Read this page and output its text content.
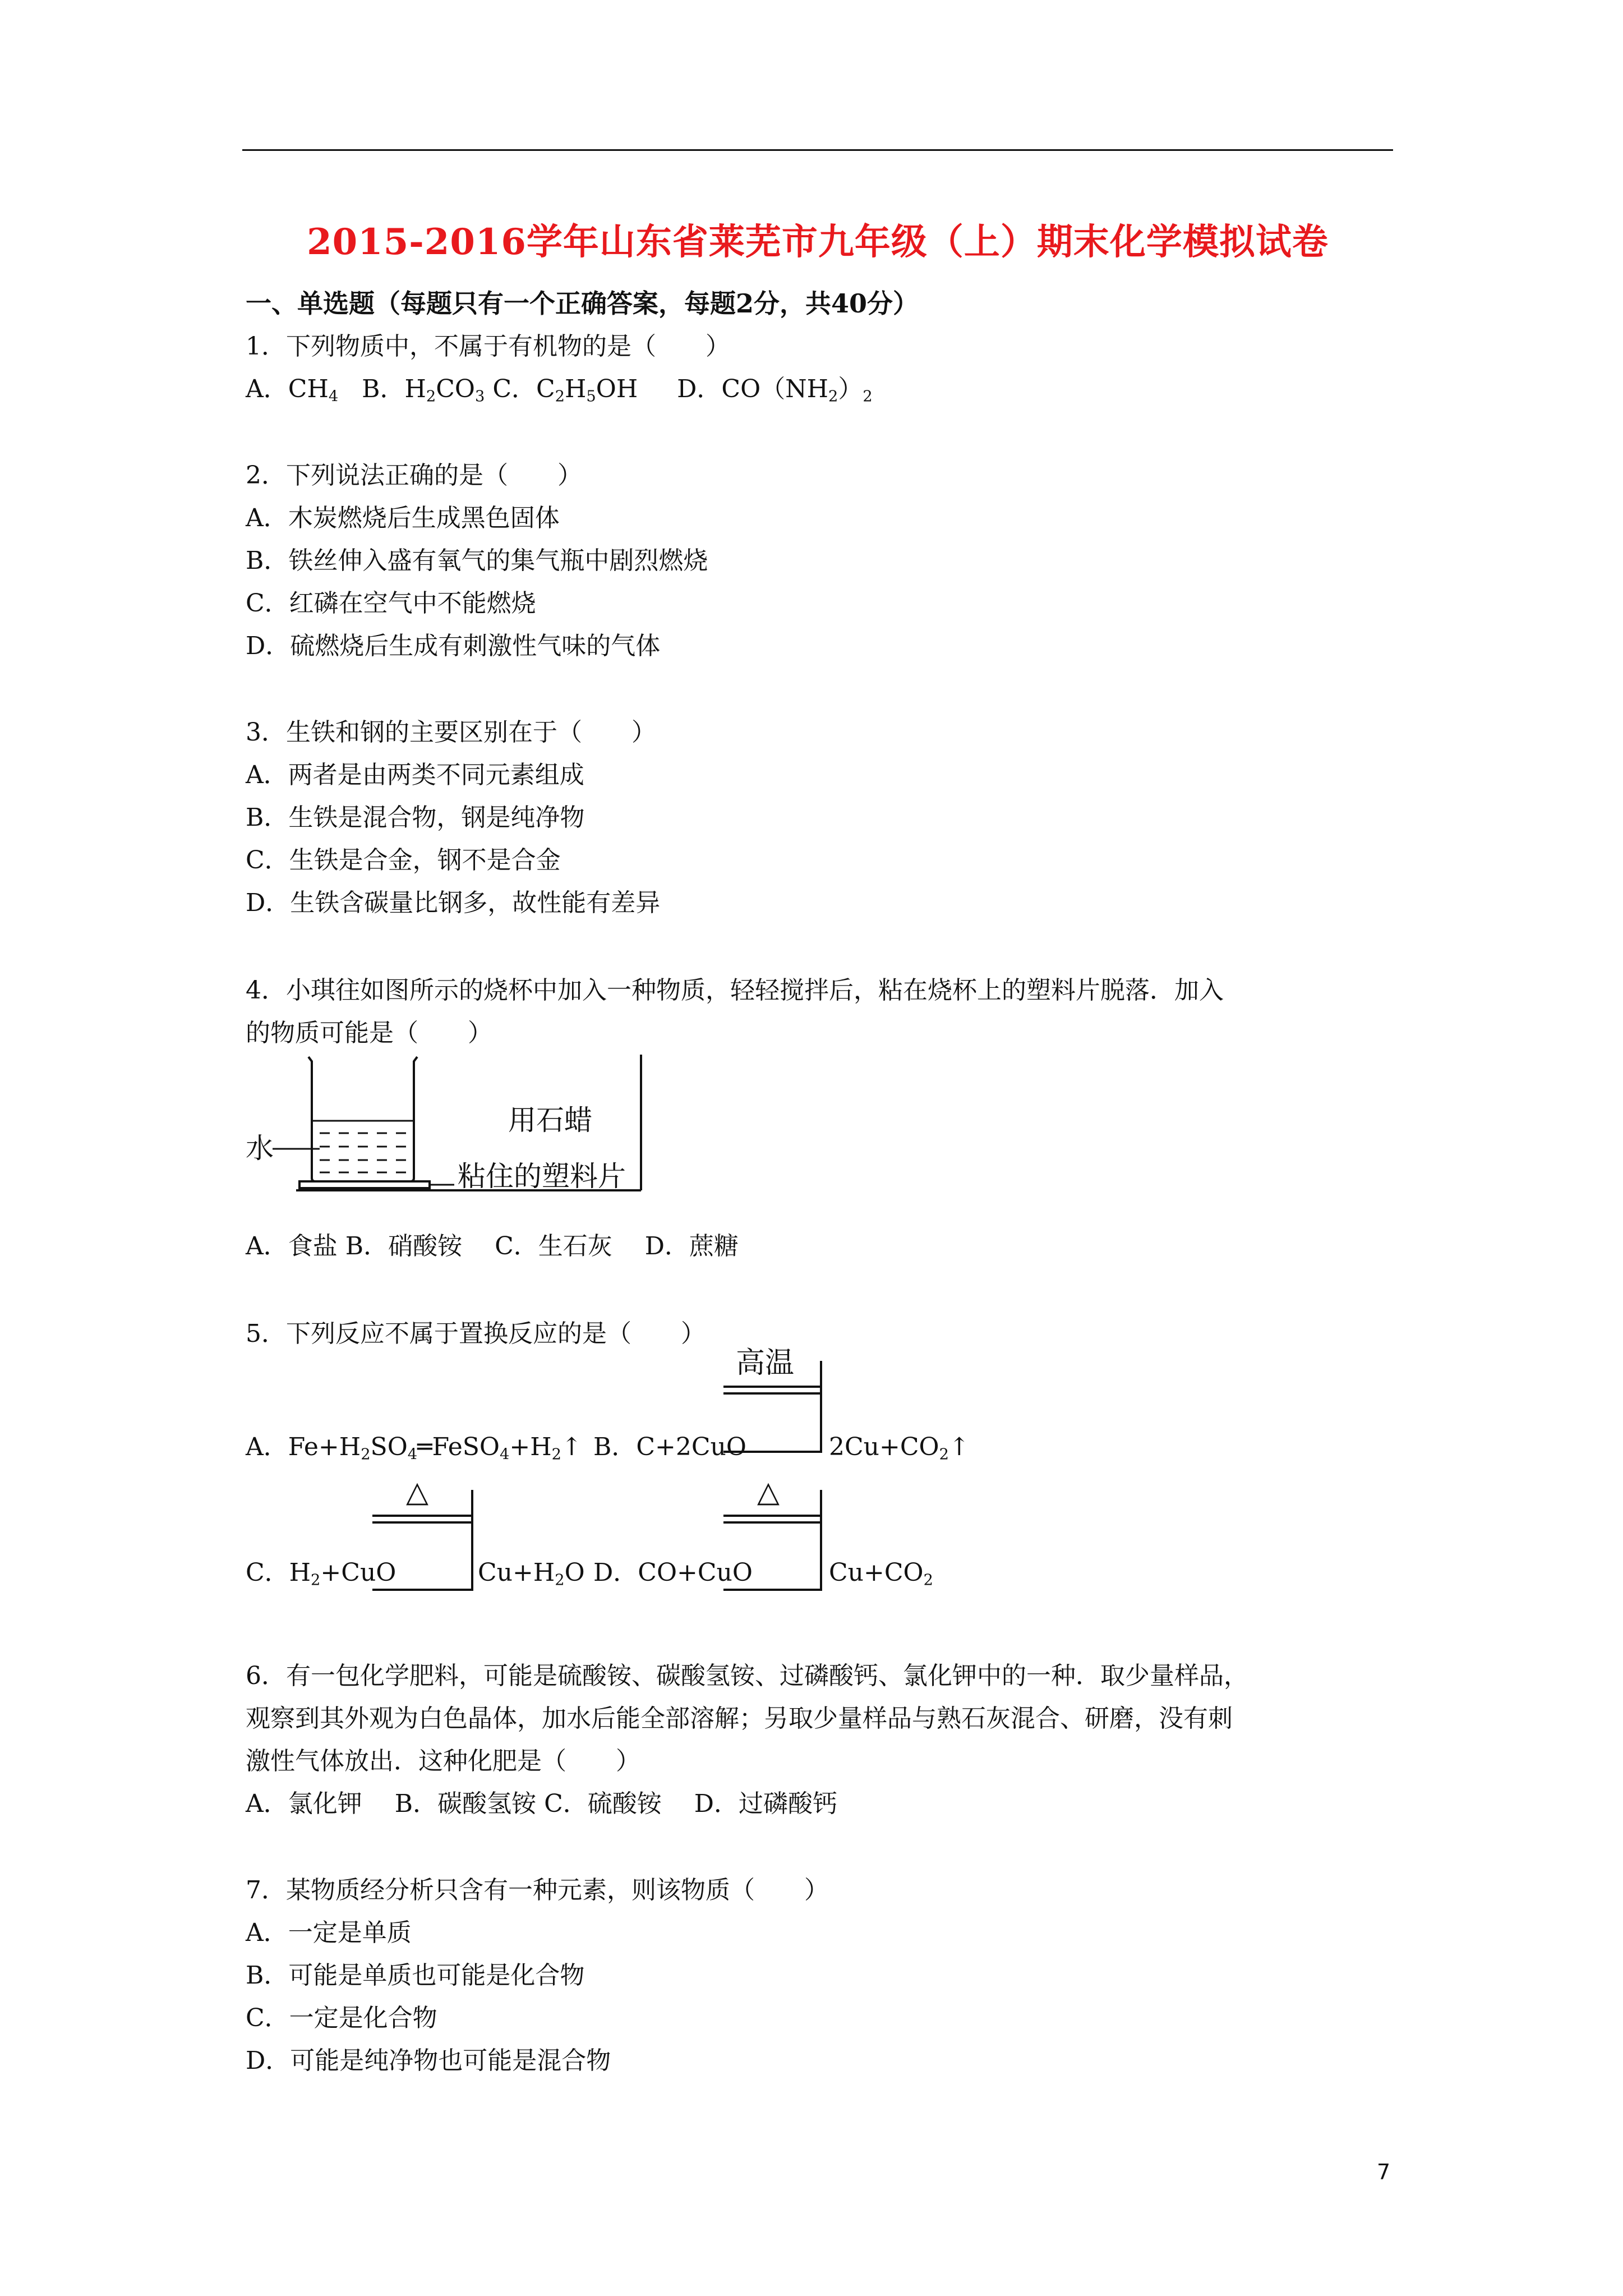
2015-2016学年山东省莱芜市九年级（上）期末化学模拟试卷
一、单选题（每题只有一个正确答案，每题2分，共40分）
1．下列物质中，不属于有机物的是（　　）
A．$CH_4$ B．$H_2CO_3$ C．$C_2H_5OH$ D．$CO(NH_2)_2$
2．下列说法正确的是（　　）
A．木炭燃烧后生成黑色固体
B．铁丝伸入盛有氧气的集气瓶中剧烈燃烧
C．红磷在空气中不能燃烧
D．硫燃烧后生成有刺激性气味的气体
3．生铁和钢的主要区别在于（　　）
A．两者是由两类不同元素组成
B．生铁是混合物，钢是纯净物
C．生铁是合金，钢不是合金
D．生铁含碳量比钢多，故性能有差异
4．小琪往如图所示的烧杯中加入一种物质，轻轻搅拌后，粘在烧杯上的塑料片脱落．加入
的物质可能是（　　）
水
用石蜡
粘住的塑料片
A．食盐 B．硝酸铵　 C．生石灰　 D．蔗糖
5．下列反应不属于置换反应的是（　　）
A．$Fe+H_2SO_4═FeSO_4+H_2↑$ B．C+2CuO
高温
$2Cu+CO_2↑$
C．$H_2+CuO$
△
$Cu+H_2O$ D．CO+CuO
△
$Cu+CO_2$
6．有一包化学肥料，可能是硫酸铵、碳酸氢铵、过磷酸钙、氯化钾中的一种．取少量样品，
观察到其外观为白色晶体，加水后能全部溶解；另取少量样品与熟石灰混合、研磨，没有刺
激性气体放出．这种化肥是（　　）
A．氯化钾　 B．碳酸氢铵 C．硫酸铵　 D．过磷酸钙
7．某物质经分析只含有一种元素，则该物质（　　）
A．一定是单质
B．可能是单质也可能是化合物
C．一定是化合物
D．可能是纯净物也可能是混合物
7
